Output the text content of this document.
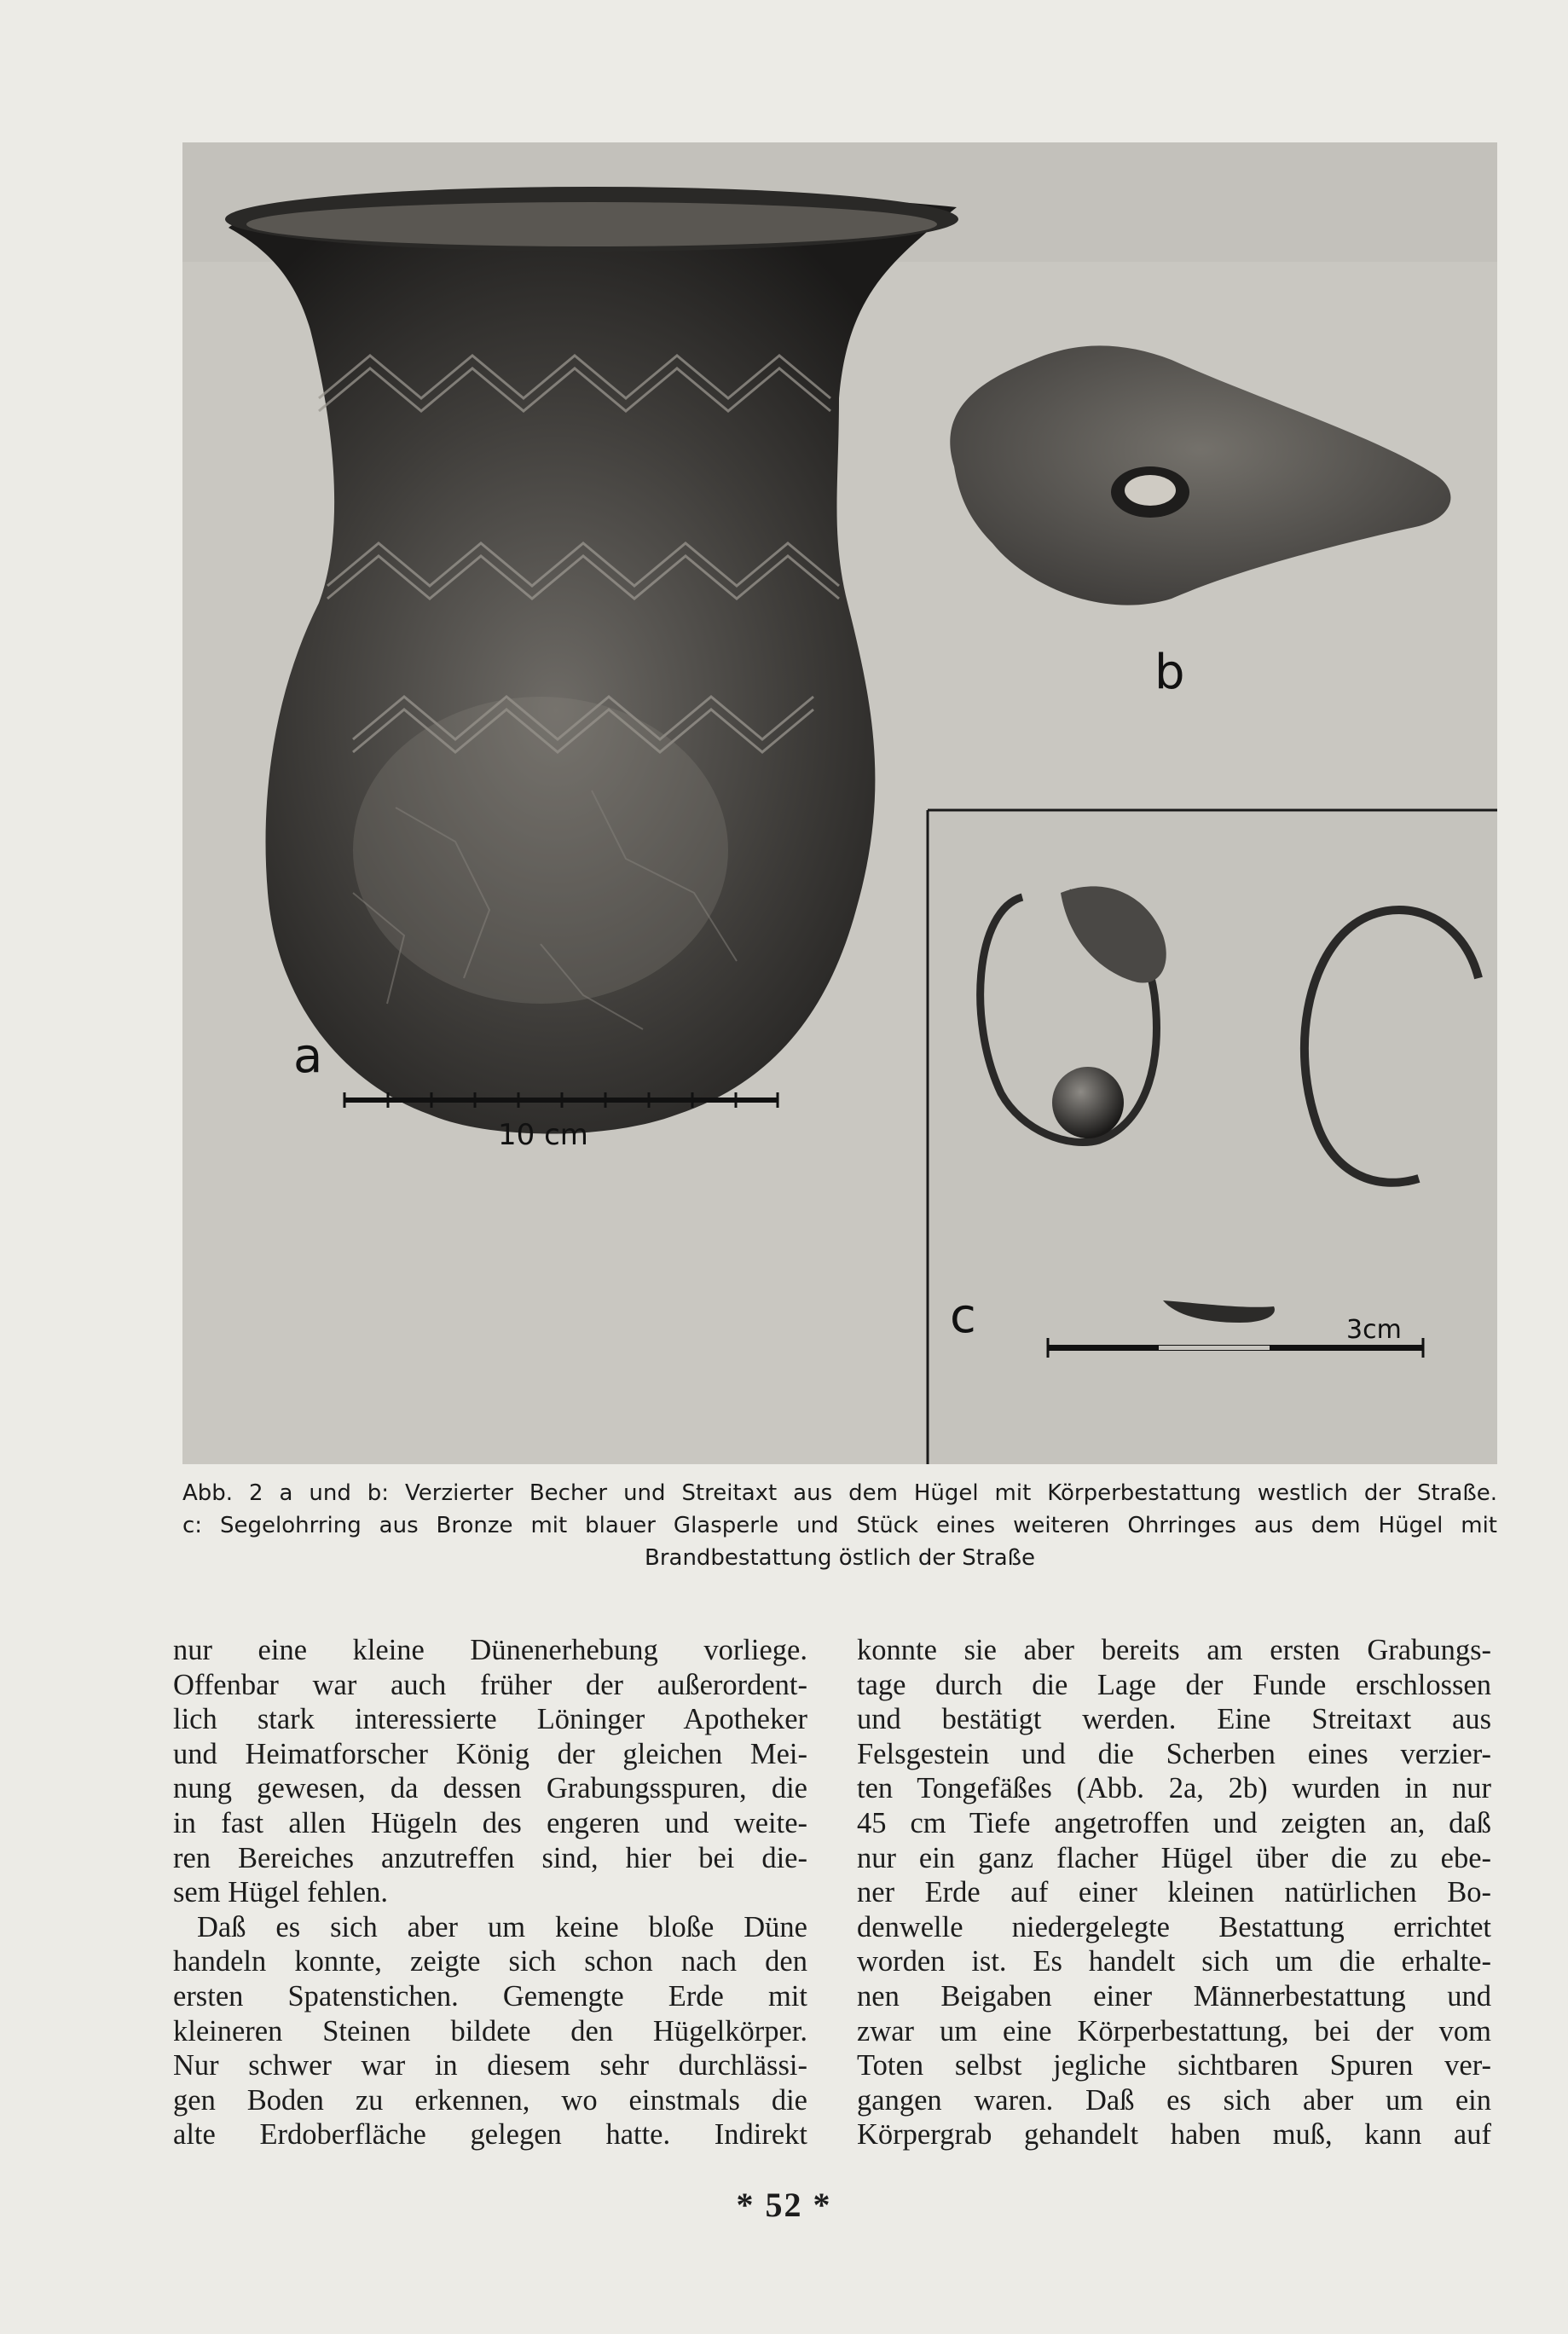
a
10 cm
b
c	3cm
Abb. 2 a und b: Verzierter Becher und Streitaxt aus dem Hügel mit Körperbestattung westlich der Straße.
c: Segelohrring aus Bronze mit blauer Glasperle und Stück eines weiteren Ohrringes aus dem Hügel mit
Brandbestattung östlich der Straße
nur eine kleine Dünenerhebung vorliege.
Offenbar war auch früher der außerordent-
lich stark interessierte Löninger Apotheker
und Heimatforscher König der gleichen Mei-
nung gewesen, da dessen Grabungsspuren, die
in fast allen Hügeln des engeren und weite-
ren Bereiches anzutreffen sind, hier bei die-
sem Hügel fehlen.
Daß es sich aber um keine bloße Düne
handeln konnte, zeigte sich schon nach den
ersten Spatenstichen. Gemengte Erde mit
kleineren Steinen bildete den Hügelkörper.
Nur schwer war in diesem sehr durchlässi-
gen Boden zu erkennen, wo einstmals die
alte Erdoberfläche gelegen hatte. Indirekt
konnte sie aber bereits am ersten Grabungs-
tage durch die Lage der Funde erschlossen
und bestätigt werden. Eine Streitaxt aus
Felsgestein und die Scherben eines verzier-
ten Tongefäßes (Abb. 2a, 2b) wurden in nur
45 cm Tiefe angetroffen und zeigten an, daß
nur ein ganz flacher Hügel über die zu ebe-
ner Erde auf einer kleinen natürlichen Bo-
denwelle niedergelegte Bestattung errichtet
worden ist. Es handelt sich um die erhalte-
nen Beigaben einer Männerbestattung und
zwar um eine Körperbestattung, bei der vom
Toten selbst jegliche sichtbaren Spuren ver-
gangen waren. Daß es sich aber um ein
Körpergrab gehandelt haben muß, kann auf
* 52 *
